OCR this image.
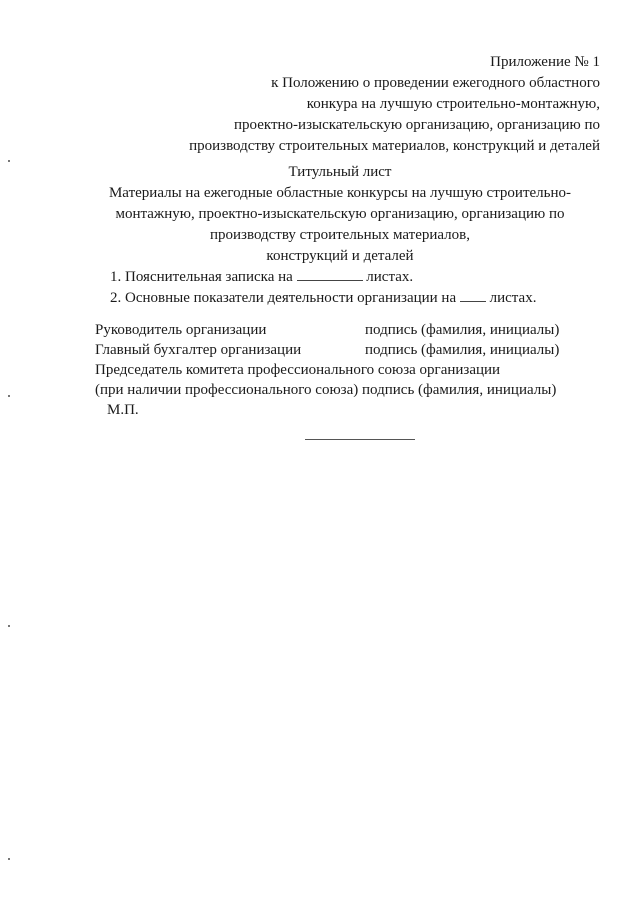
Приложение № 1
к Положению о проведении ежегодного областного
конкура на лучшую строительно-монтажную,
проектно-изыскательскую организацию, организацию по
производству строительных материалов, конструкций и деталей
Титульный лист
Материалы на ежегодные областные конкурсы на лучшую строительно-
монтажную, проектно-изыскательскую организацию, организацию по
производству строительных материалов,
конструкций и деталей
1. Пояснительная записка на	листах.
2. Основные показатели деятельности организации на листах.
Руководитель организации	подпись (фамилия, инициалы)
Главный бухгалтер организации	подпись (фамилия, инициалы)
Председатель комитета профессионального союза организации
(при наличии профессионального союза) подпись (фамилия, инициалы)
М.П.
